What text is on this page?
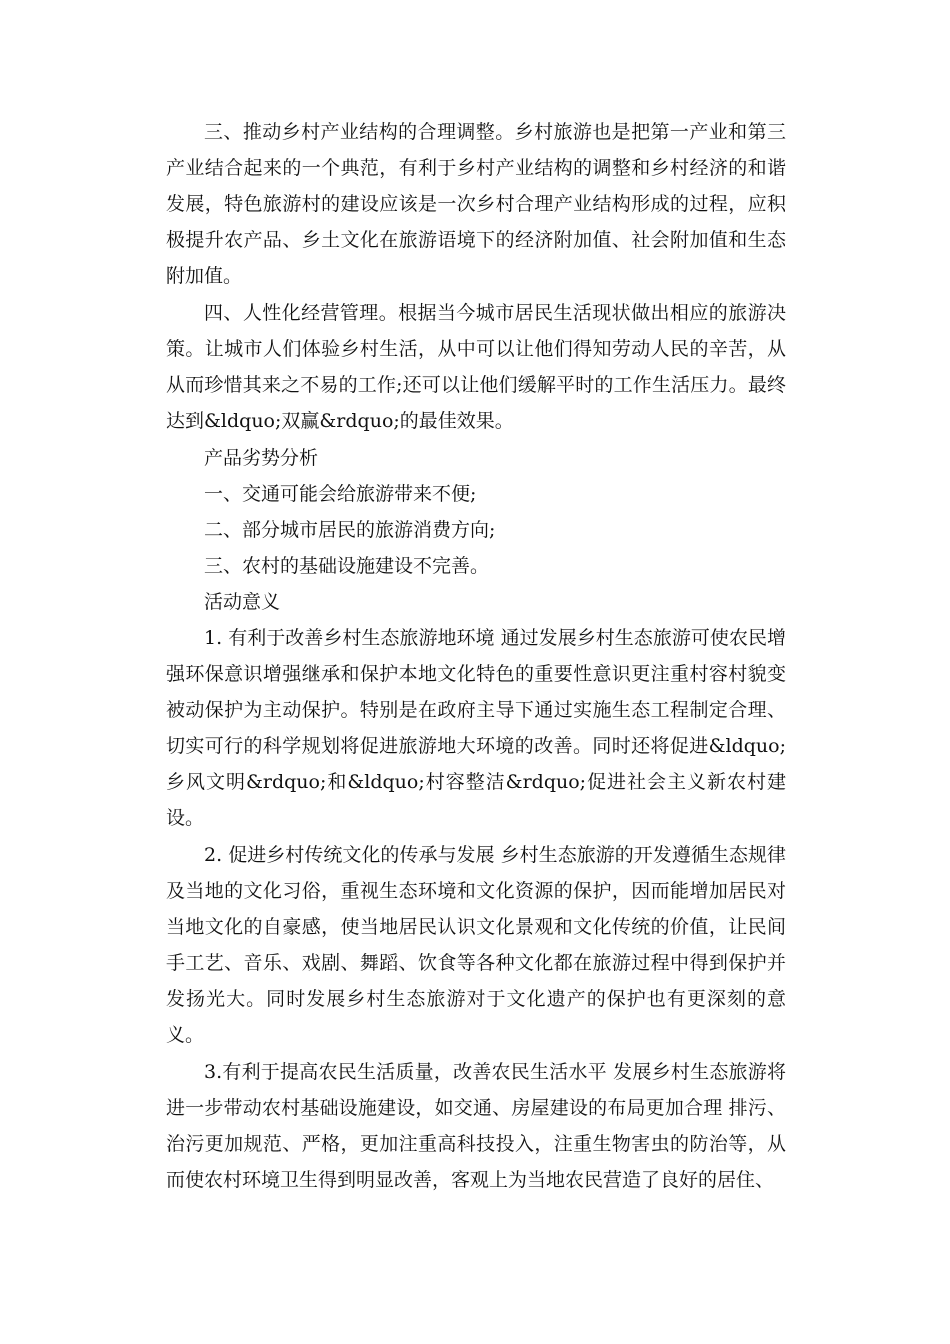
三、推动乡村产业结构的合理调整。乡村旅游也是把第一产业和第三产业结合起来的一个典范，有利于乡村产业结构的调整和乡村经济的和谐发展，特色旅游村的建设应该是一次乡村合理产业结构形成的过程，应积极提升农产品、乡土文化在旅游语境下的经济附加值、社会附加值和生态附加值。

四、人性化经营管理。根据当今城市居民生活现状做出相应的旅游决策。让城市人们体验乡村生活，从中可以让他们得知劳动人民的辛苦，从从而珍惜其来之不易的工作;还可以让他们缓解平时的工作生活压力。最终达到&ldquo;双赢&rdquo;的最佳效果。

产品劣势分析

一、交通可能会给旅游带来不便;

二、部分城市居民的旅游消费方向;

三、农村的基础设施建设不完善。

活动意义

1. 有利于改善乡村生态旅游地环境 通过发展乡村生态旅游可使农民增强环保意识增强继承和保护本地文化特色的重要性意识更注重村容村貌变被动保护为主动保护。特别是在政府主导下通过实施生态工程制定合理、切实可行的科学规划将促进旅游地大环境的改善。同时还将促进&ldquo;乡风文明&rdquo;和&ldquo;村容整洁&rdquo;促进社会主义新农村建设。

2. 促进乡村传统文化的传承与发展 乡村生态旅游的开发遵循生态规律及当地的文化习俗，重视生态环境和文化资源的保护，因而能增加居民对当地文化的自豪感，使当地居民认识文化景观和文化传统的价值，让民间手工艺、音乐、戏剧、舞蹈、饮食等各种文化都在旅游过程中得到保护并发扬光大。同时发展乡村生态旅游对于文化遗产的保护也有更深刻的意义。

3.有利于提高农民生活质量，改善农民生活水平 发展乡村生态旅游将进一步带动农村基础设施建设，如交通、房屋建设的布局更加合理 排污、治污更加规范、严格，更加注重高科技投入，注重生物害虫的防治等，从而使农村环境卫生得到明显改善，客观上为当地农民营造了良好的居住、
